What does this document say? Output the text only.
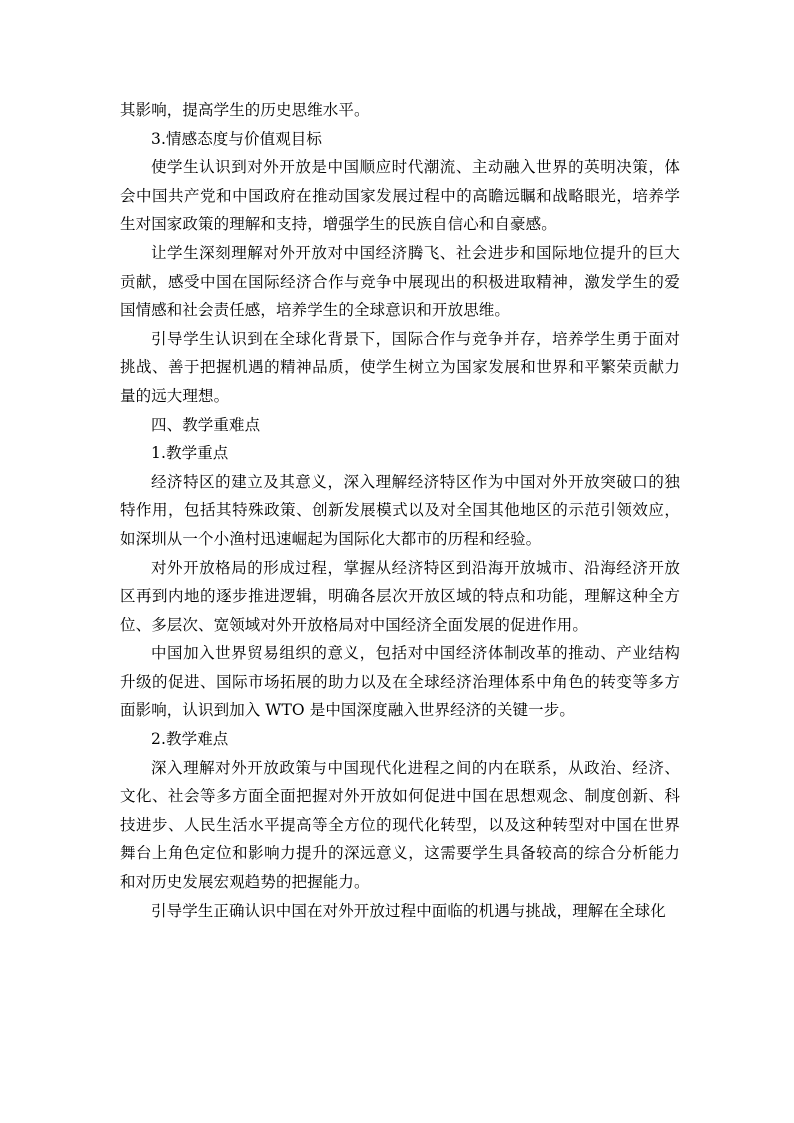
其影响，提高学生的历史思维水平。

3.情感态度与价值观目标

使学生认识到对外开放是中国顺应时代潮流、主动融入世界的英明决策，体会中国共产党和中国政府在推动国家发展过程中的高瞻远瞩和战略眼光，培养学生对国家政策的理解和支持，增强学生的民族自信心和自豪感。

让学生深刻理解对外开放对中国经济腾飞、社会进步和国际地位提升的巨大贡献，感受中国在国际经济合作与竞争中展现出的积极进取精神，激发学生的爱国情感和社会责任感，培养学生的全球意识和开放思维。

引导学生认识到在全球化背景下，国际合作与竞争并存，培养学生勇于面对挑战、善于把握机遇的精神品质，使学生树立为国家发展和世界和平繁荣贡献力量的远大理想。

四、教学重难点

1.教学重点

经济特区的建立及其意义，深入理解经济特区作为中国对外开放突破口的独特作用，包括其特殊政策、创新发展模式以及对全国其他地区的示范引领效应，如深圳从一个小渔村迅速崛起为国际化大都市的历程和经验。

对外开放格局的形成过程，掌握从经济特区到沿海开放城市、沿海经济开放区再到内地的逐步推进逻辑，明确各层次开放区域的特点和功能，理解这种全方位、多层次、宽领域对外开放格局对中国经济全面发展的促进作用。

中国加入世界贸易组织的意义，包括对中国经济体制改革的推动、产业结构升级的促进、国际市场拓展的助力以及在全球经济治理体系中角色的转变等多方面影响，认识到加入 WTO 是中国深度融入世界经济的关键一步。

2.教学难点

深入理解对外开放政策与中国现代化进程之间的内在联系，从政治、经济、文化、社会等多方面全面把握对外开放如何促进中国在思想观念、制度创新、科技进步、人民生活水平提高等全方位的现代化转型，以及这种转型对中国在世界舞台上角色定位和影响力提升的深远意义，这需要学生具备较高的综合分析能力和对历史发展宏观趋势的把握能力。

引导学生正确认识中国在对外开放过程中面临的机遇与挑战，理解在全球化
